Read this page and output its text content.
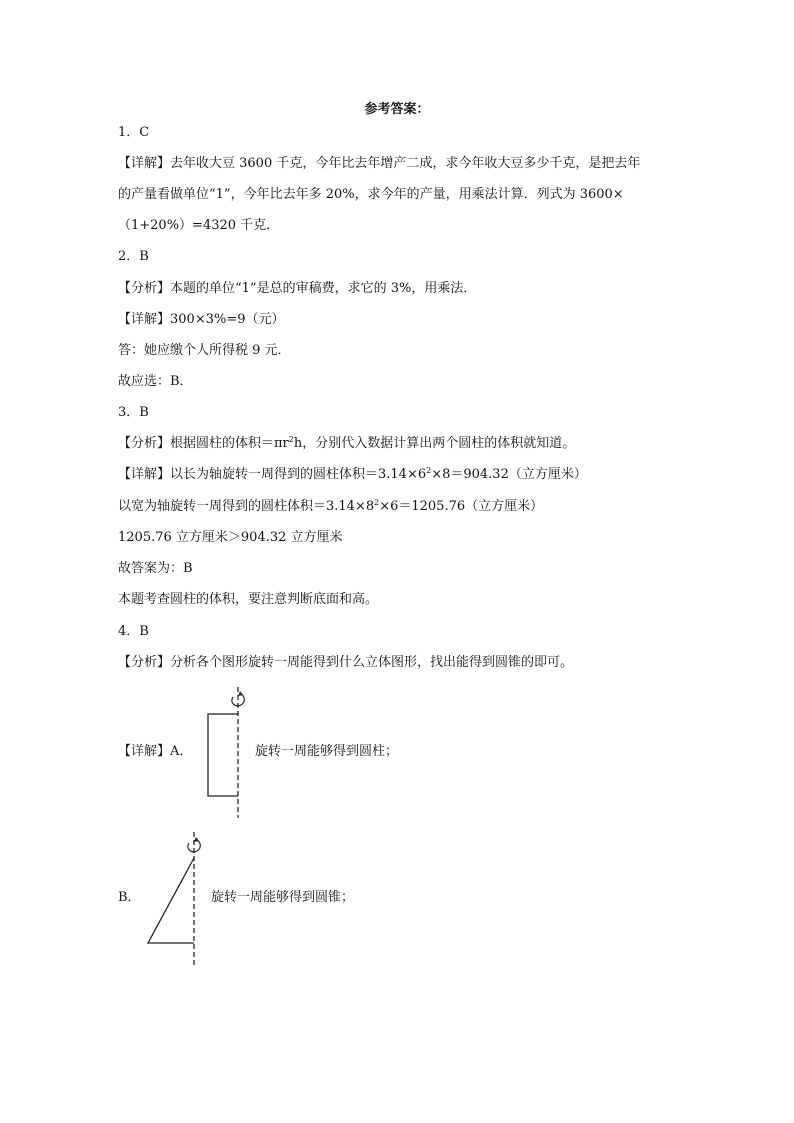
参考答案：
1．C
【详解】去年收大豆 3600 千克，今年比去年增产二成，求今年收大豆多少千克，是把去年
的产量看做单位“1”，今年比去年多 20%，求今年的产量，用乘法计算．列式为 3600×
（1+20%）=4320 千克．
2．B
【分析】本题的单位“1”是总的审稿费，求它的 3%，用乘法．
【详解】300×3%=9（元）
答：她应缴个人所得税 9 元．
故应选：B．
3．B
【分析】根据圆柱的体积$=\pi r^2h$，分别代入数据计算出两个圆柱的体积就知道。
【详解】以长为轴旋转一周得到的圆柱体积$=3.14\times 6^2\times 8=904.32$（立方厘米）
以宽为轴旋转一周得到的圆柱体积$=3.14\times 8^2\times 6=1205.76$（立方厘米）
1205.76 立方厘米＞904.32 立方厘米
故答案为：B
本题考查圆柱的体积，要注意判断底面和高。
4．B
【分析】分析各个图形旋转一周能得到什么立体图形，找出能得到圆锥的即可。
【详解】A．	旋转一周能够得到圆柱；
B．	旋转一周能够得到圆锥；
